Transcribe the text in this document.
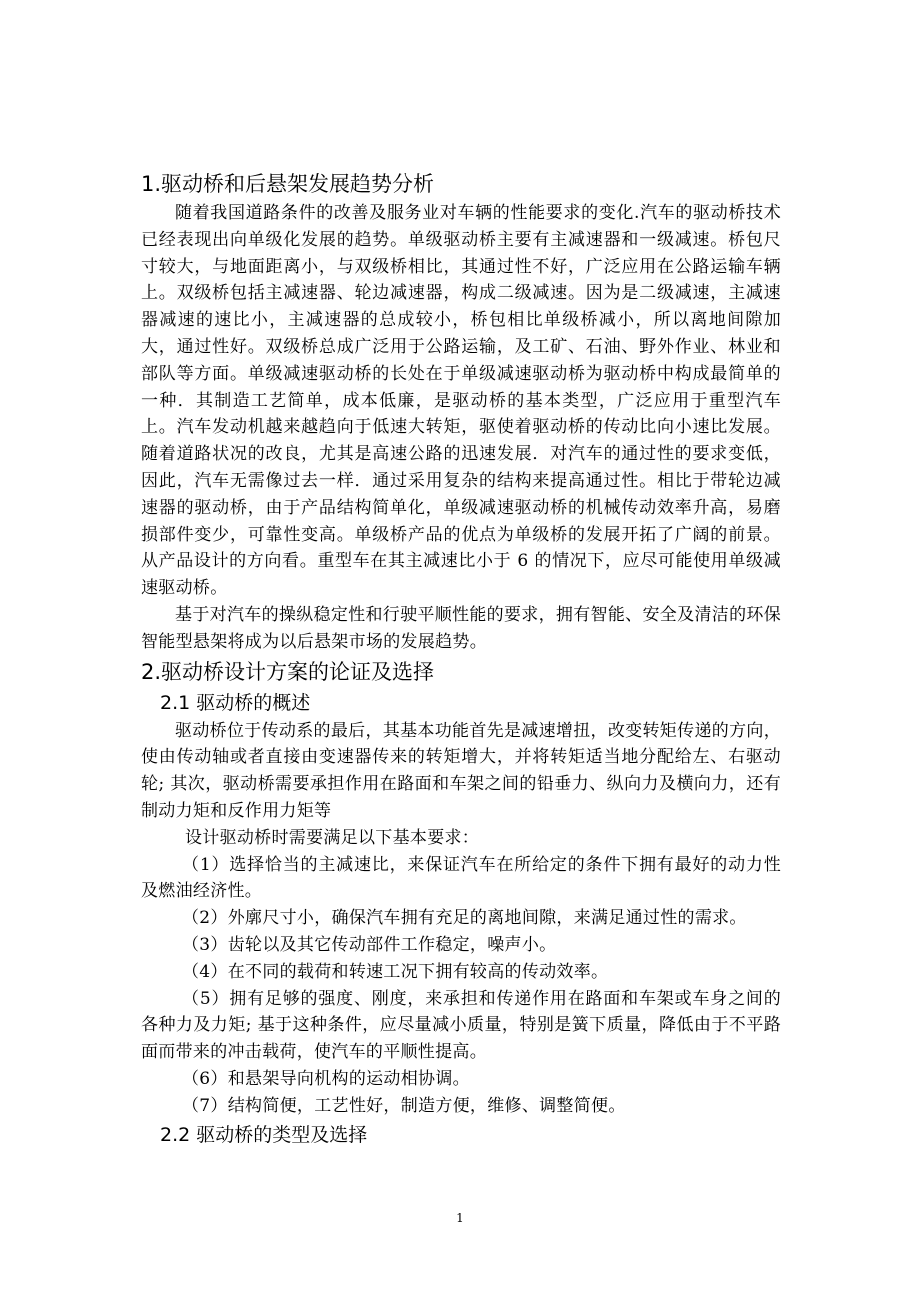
1.驱动桥和后悬架发展趋势分析

随着我国道路条件的改善及服务业对车辆的性能要求的变化.汽车的驱动桥技术已经表现出向单级化发展的趋势。单级驱动桥主要有主减速器和一级减速。桥包尺寸较大，与地面距离小，与双级桥相比，其通过性不好，广泛应用在公路运输车辆上。双级桥包括主减速器、轮边减速器，构成二级减速。因为是二级减速，主减速器减速的速比小，主减速器的总成较小，桥包相比单级桥减小，所以离地间隙加大，通过性好。双级桥总成广泛用于公路运输，及工矿、石油、野外作业、林业和部队等方面。单级减速驱动桥的长处在于单级减速驱动桥为驱动桥中构成最简单的一种．其制造工艺简单，成本低廉，是驱动桥的基本类型，广泛应用于重型汽车上。汽车发动机越来越趋向于低速大转矩，驱使着驱动桥的传动比向小速比发展。随着道路状况的改良，尤其是高速公路的迅速发展．对汽车的通过性的要求变低，因此，汽车无需像过去一样．通过采用复杂的结构来提高通过性。相比于带轮边减速器的驱动桥，由于产品结构简单化，单级减速驱动桥的机械传动效率升高，易磨损部件变少，可靠性变高。单级桥产品的优点为单级桥的发展开拓了广阔的前景。从产品设计的方向看。重型车在其主减速比小于 6 的情况下，应尽可能使用单级减速驱动桥。

基于对汽车的操纵稳定性和行驶平顺性能的要求，拥有智能、安全及清洁的环保智能型悬架将成为以后悬架市场的发展趋势。

2.驱动桥设计方案的论证及选择
2.1 驱动桥的概述

驱动桥位于传动系的最后，其基本功能首先是减速增扭，改变转矩传递的方向，使由传动轴或者直接由变速器传来的转矩增大，并将转矩适当地分配给左、右驱动轮; 其次，驱动桥需要承担作用在路面和车架之间的铅垂力、纵向力及横向力，还有制动力矩和反作用力矩等

设计驱动桥时需要满足以下基本要求：

（1）选择恰当的主减速比，来保证汽车在所给定的条件下拥有最好的动力性及燃油经济性。

（2）外廓尺寸小，确保汽车拥有充足的离地间隙，来满足通过性的需求。

（3）齿轮以及其它传动部件工作稳定，噪声小。

（4）在不同的载荷和转速工况下拥有较高的传动效率。

（5）拥有足够的强度、刚度，来承担和传递作用在路面和车架或车身之间的各种力及力矩; 基于这种条件，应尽量减小质量，特别是簧下质量，降低由于不平路面而带来的冲击载荷，使汽车的平顺性提高。

（6）和悬架导向机构的运动相协调。

（7）结构简便，工艺性好，制造方便，维修、调整简便。

2.2 驱动桥的类型及选择
1
